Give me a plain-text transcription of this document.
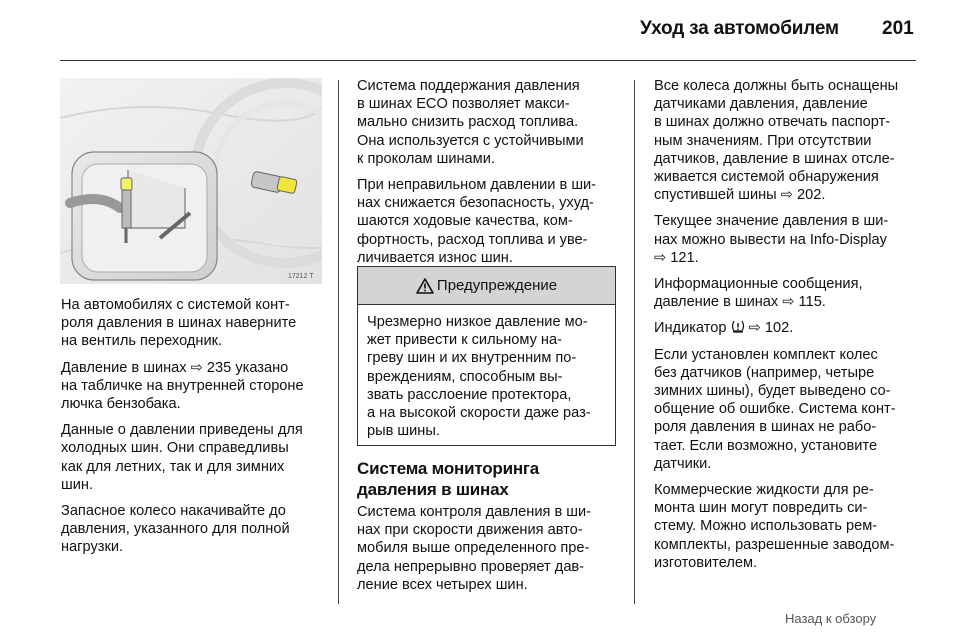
Уход за автомобилем 201
17212 T

На автомобилях с системой конт-
роля давления в шинах наверните
на вентиль переходник.

Давление в шинах ⇨ 235 указано
на табличке на внутренней стороне
лючка бензобака.

Данные о давлении приведены для
холодных шин. Они справедливы
как для летних, так и для зимних
шин.

Запасное колесо накачивайте до
давления, указанного для полной
нагрузки.

Система поддержания давления
в шинах ECO позволяет макси-
мально снизить расход топлива.
Она используется с устойчивыми
к проколам шинами.

При неправильном давлении в ши-
нах снижается безопасность, ухуд-
шаются ходовые качества, ком-
фортность, расход топлива и уве-
личивается износ шин.

Предупреждение
Чрезмерно низкое давление мо-
жет привести к сильному на-
греву шин и их внутренним по-
вреждениям, способным вы-
звать расслоение протектора,
а на высокой скорости даже раз-
рыв шины.
Система мониторинга
давления в шинах

Система контроля давления в ши-
нах при скорости движения авто-
мобиля выше определенного пре-
дела непрерывно проверяет дав-
ление всех четырех шин.

Все колеса должны быть оснащены
датчиками давления, давление
в шинах должно отвечать паспорт-
ным значениям. При отсутствии
датчиков, давление в шинах отсле-
живается системой обнаружения
спустившей шины ⇨ 202.

Текущее значение давления в ши-
нах можно вывести на Info-Display
⇨ 121.

Информационные сообщения,
давление в шинах ⇨ 115.

Индикатор ⇨ 102.

Если установлен комплект колес
без датчиков (например, четыре
зимних шины), будет выведено со-
общение об ошибке. Система конт-
роля давления в шинах не рабо-
тает. Если возможно, установите
датчики.

Коммерческие жидкости для ре-
монта шин могут повредить си-
стему. Можно использовать рем-
комплекты, разрешенные заводом-
изготовителем.

Назад к обзору
